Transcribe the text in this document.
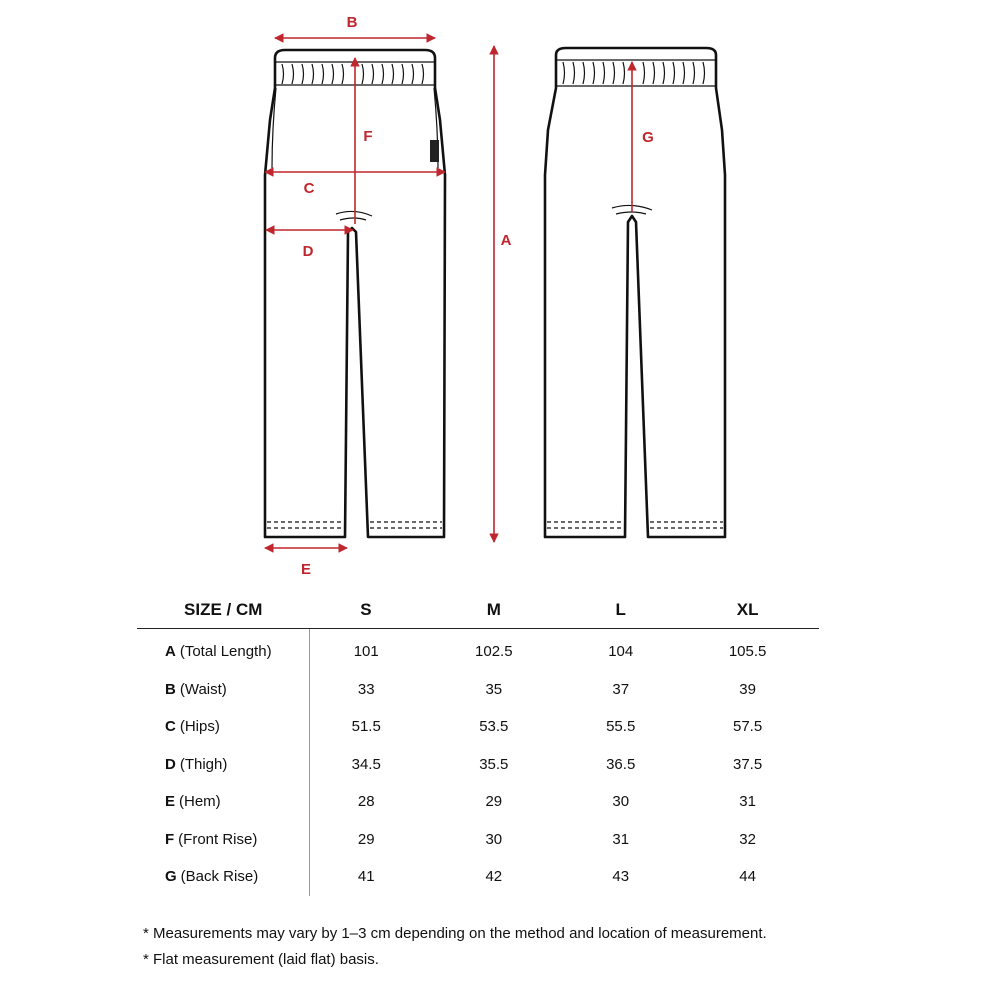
B
F
C
D
E
A
G
SIZE / CM	S	M	L	XL
A (Total Length)	101	102.5	104	105.5
B (Waist)	33	35	37	39
C (Hips)	51.5	53.5	55.5	57.5
D (Thigh)	34.5	35.5	36.5	37.5
E (Hem)	28	29	30	31
F (Front Rise)	29	30	31	32
G (Back Rise)	41	42	43	44
* Measurements may vary by 1–3 cm depending on the method and location of measurement.
* Flat measurement (laid flat) basis.
